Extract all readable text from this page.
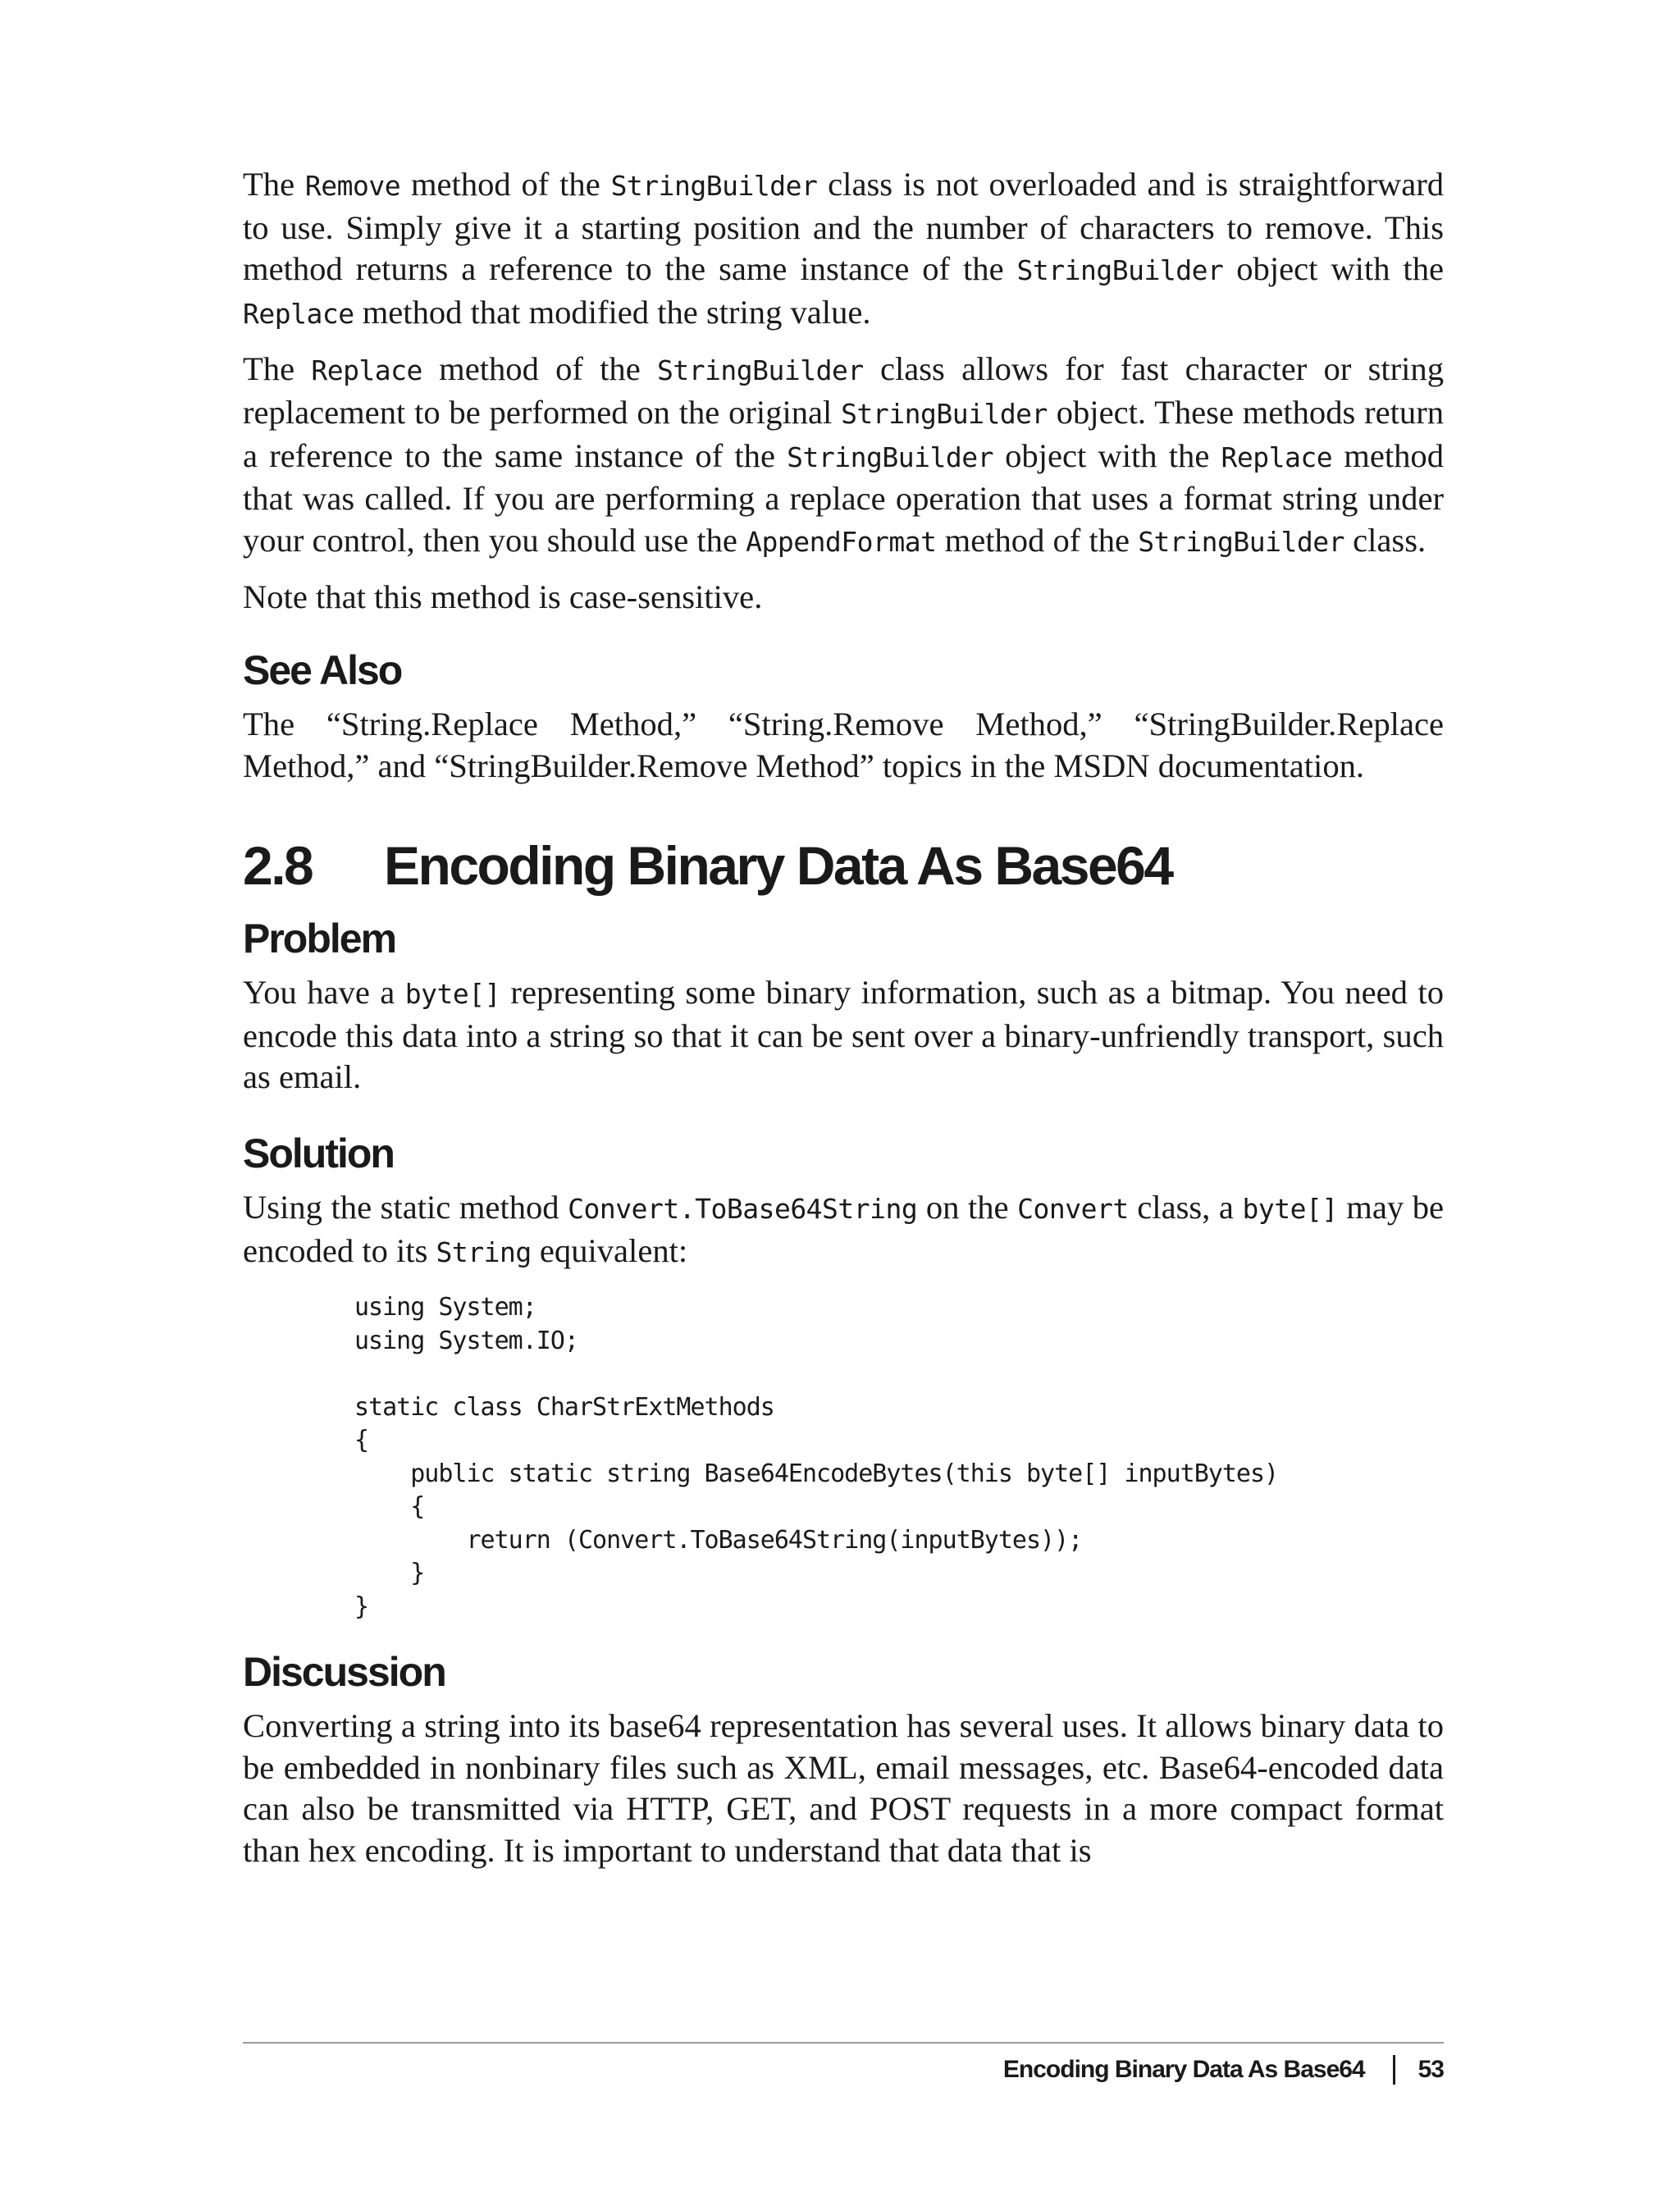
The Remove method of the StringBuilder class is not overloaded and is straightforward to use. Simply give it a starting position and the number of characters to remove. This method returns a reference to the same instance of the StringBuilder object with the Replace method that modified the string value.

The Replace method of the StringBuilder class allows for fast character or string replacement to be performed on the original StringBuilder object. These methods return a reference to the same instance of the StringBuilder object with the Replace method that was called. If you are performing a replace operation that uses a format string under your control, then you should use the AppendFormat method of the StringBuilder class.

Note that this method is case-sensitive.

See Also

The “String.Replace Method,” “String.Remove Method,” “StringBuilder.Replace Method,” and “StringBuilder.Remove Method” topics in the MSDN documentation.

2.8	Encoding Binary Data As Base64
Problem

You have a byte[] representing some binary information, such as a bitmap. You need to encode this data into a string so that it can be sent over a binary-unfriendly transport, such as email.

Solution

Using the static method Convert.ToBase64String on the Convert class, a byte[] may be encoded to its String equivalent:

using System;
using System.IO;

static class CharStrExtMethods
{
public static string Base64EncodeBytes(this byte[] inputBytes)
{
return (Convert.ToBase64String(inputBytes));
}
}
Discussion

Converting a string into its base64 representation has several uses. It allows binary data to be embedded in nonbinary files such as XML, email messages, etc. Base64-encoded data can also be transmitted via HTTP, GET, and POST requests in a more compact format than hex encoding. It is important to understand that data that is

Encoding Binary Data As Base64 53
